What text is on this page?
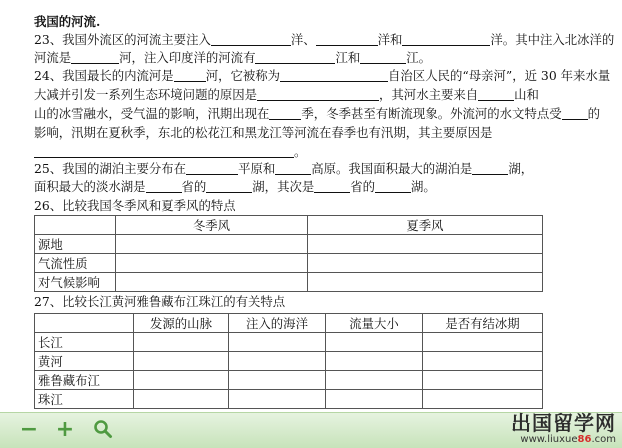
我国的河流.
23、我国外流区的河流主要注入	洋、	洋和	洋。其中注入北冰洋的
河流是	河，注入印度洋的河流有	江和	江。
24、我国最长的内流河是	河，它被称为	自治区人民的“母亲河”，近 30 年来水量
大减并引发一系列生态环境问题的原因是	，其河水主要来自	山和
山的冰雪融水，受气温的影响，汛期出现在	季，冬季甚至有断流现象。外流河的水文特点受 的
影响，汛期在夏秋季，东北的松花江和黑龙江等河流在春季也有汛期，其主要原因是
。
25、我国的湖泊主要分布在	平原和	高原。我国面积最大的湖泊是	湖，
面积最大的淡水湖是	省的	湖，其次是	省的	湖。
26、比较我国冬季风和夏季风的特点
	冬季风	夏季风
源地		
气流性质		
对气候影响		
27、比较长江黄河雅鲁藏布江珠江的有关特点
	发源的山脉	注入的海洋	流量大小	是否有结冰期
长江				
黄河				
雅鲁藏布江				
珠江				
− +	出国留学网
www.liuxue86.com
